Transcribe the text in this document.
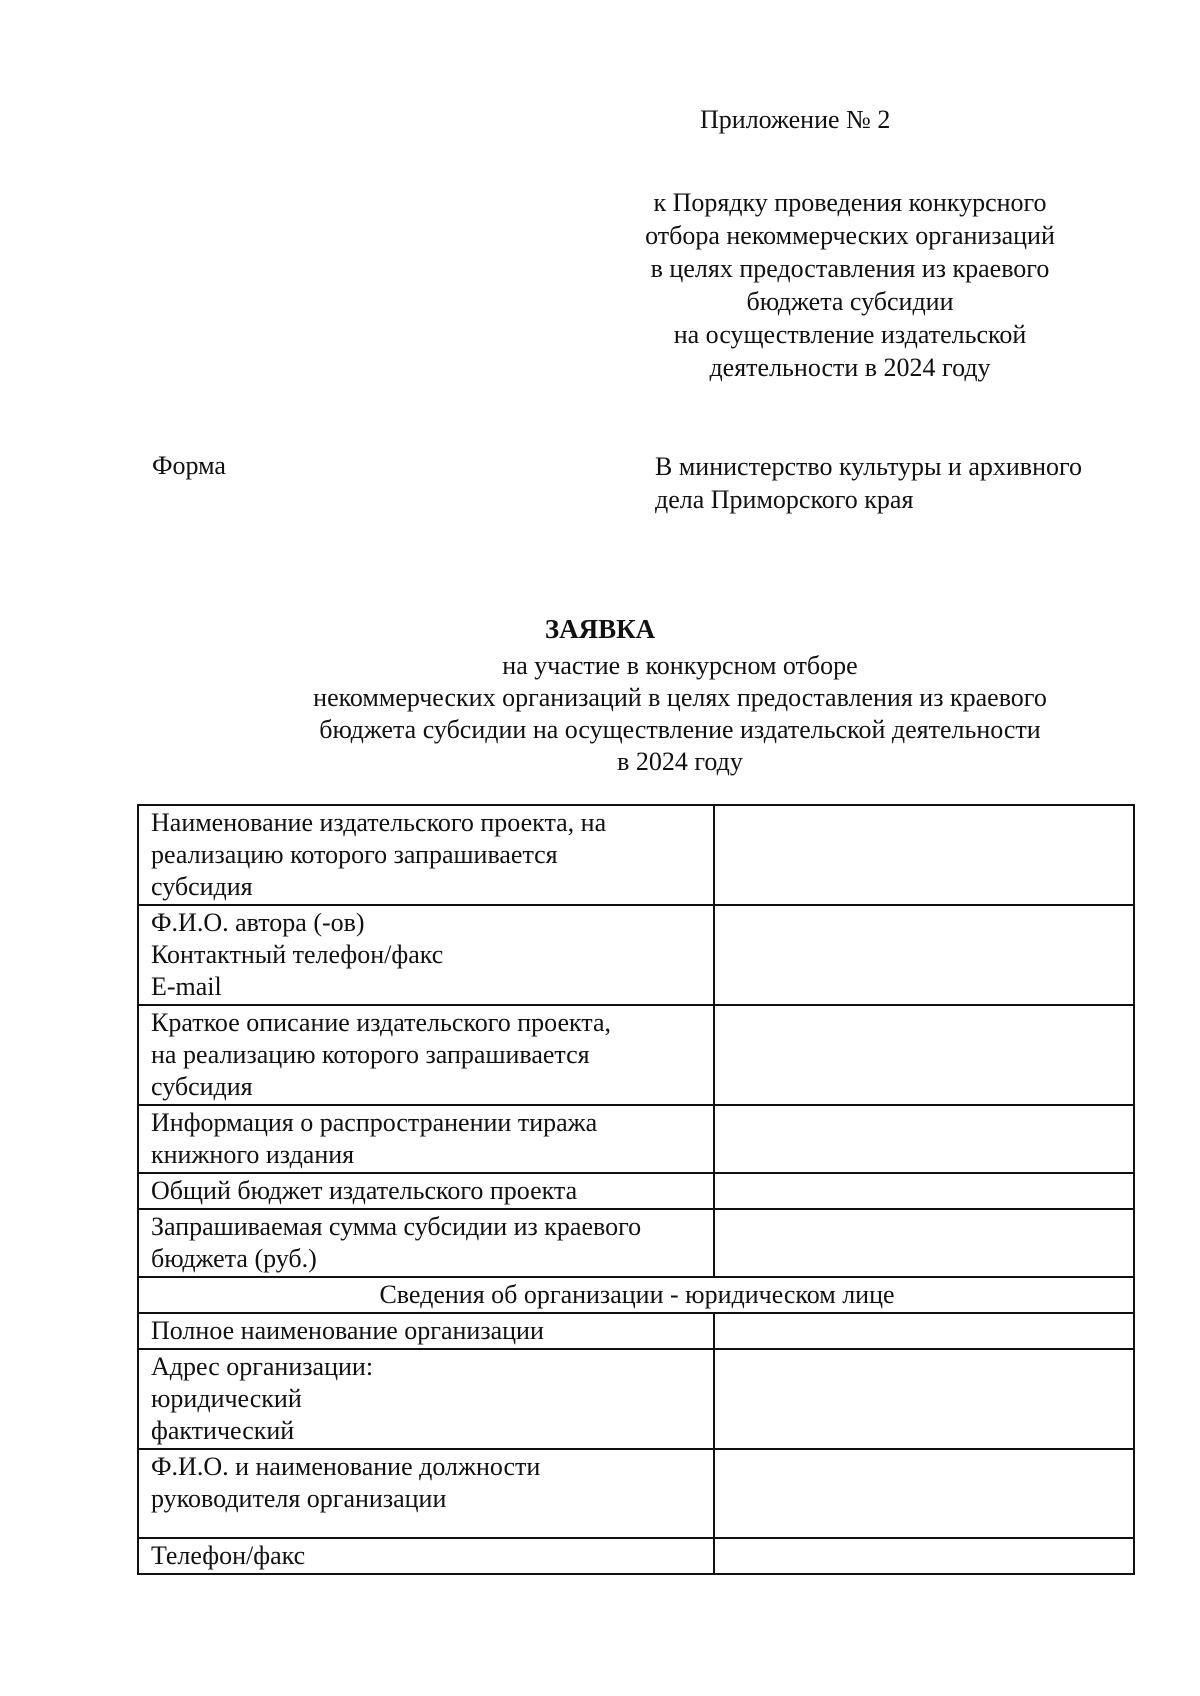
Приложение № 2
к Порядку проведения конкурсного
отбора некоммерческих организаций
в целях предоставления из краевого
бюджета субсидии
на осуществление издательской
деятельности в 2024 году
Форма	В министерство культуры и архивного
дела Приморского края
ЗАЯВКА
на участие в конкурсном отборе
некоммерческих организаций в целях предоставления из краевого
бюджета субсидии на осуществление издательской деятельности
в 2024 году
Наименование издательского проекта, на
реализацию которого запрашивается
субсидия	

Ф.И.О. автора (-ов)
Контактный телефон/факс
E-mail	

Краткое описание издательского проекта,
на реализацию которого запрашивается
субсидия	

Информация о распространении тиража
книжного издания	

Общий бюджет издательского проекта	

Запрашиваемая сумма субсидии из краевого
бюджета (руб.)	

Сведения об организации - юридическом лице	

Полное наименование организации	

Адрес организации:
юридический
фактический	

Ф.И.О. и наименование должности
руководителя организации	

Телефон/факс	
